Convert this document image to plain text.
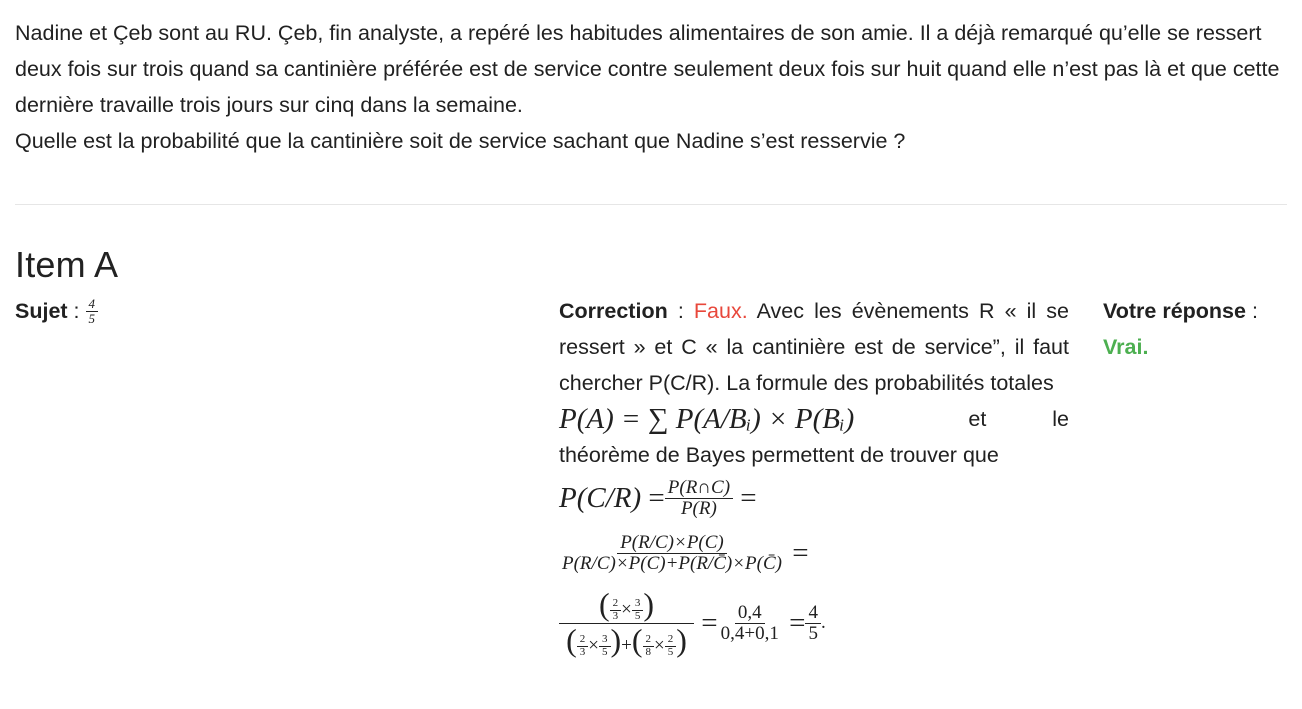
Nadine et Çeb sont au RU. Çeb, fin analyste, a repéré les habitudes alimentaires de son amie. Il a déjà remarqué qu’elle se ressert deux fois sur trois quand sa cantinière préférée est de service contre seulement deux fois sur huit quand elle n’est pas là et que cette dernière travaille trois jours sur cinq dans la semaine.

Quelle est la probabilité que la cantinière soit de service sachant que Nadine s’est resservie ?

Item A
Sujet : $\frac{4}{5}$	Correction : Faux. Avec les évènements R « il se ressert » et C « la cantinière est de service”, il faut chercher P(C/R). La formule des probabilités totales
P(A) = ∑ P(A/Bᵢ) × P(Bᵢ)	et le
théorème de Bayes permettent de trouver que
$P(C/R) = \frac{P(R\cap C)}{P(R)}$ =
$\frac{P(R/C)\times P(C)}{P(R/C)\times P(C)+P(R/C̄)\times P(C̄)}$ =
$\frac{( \frac{2}{3} \times \frac{3}{5} )}{( \frac{2}{3} \times \frac{3}{5} )+( \frac{2}{8} \times \frac{2}{5} )} = \frac{0,4}{0,4+0,1} = \frac{4}{5}$ .
Votre réponse :
Vrai.
